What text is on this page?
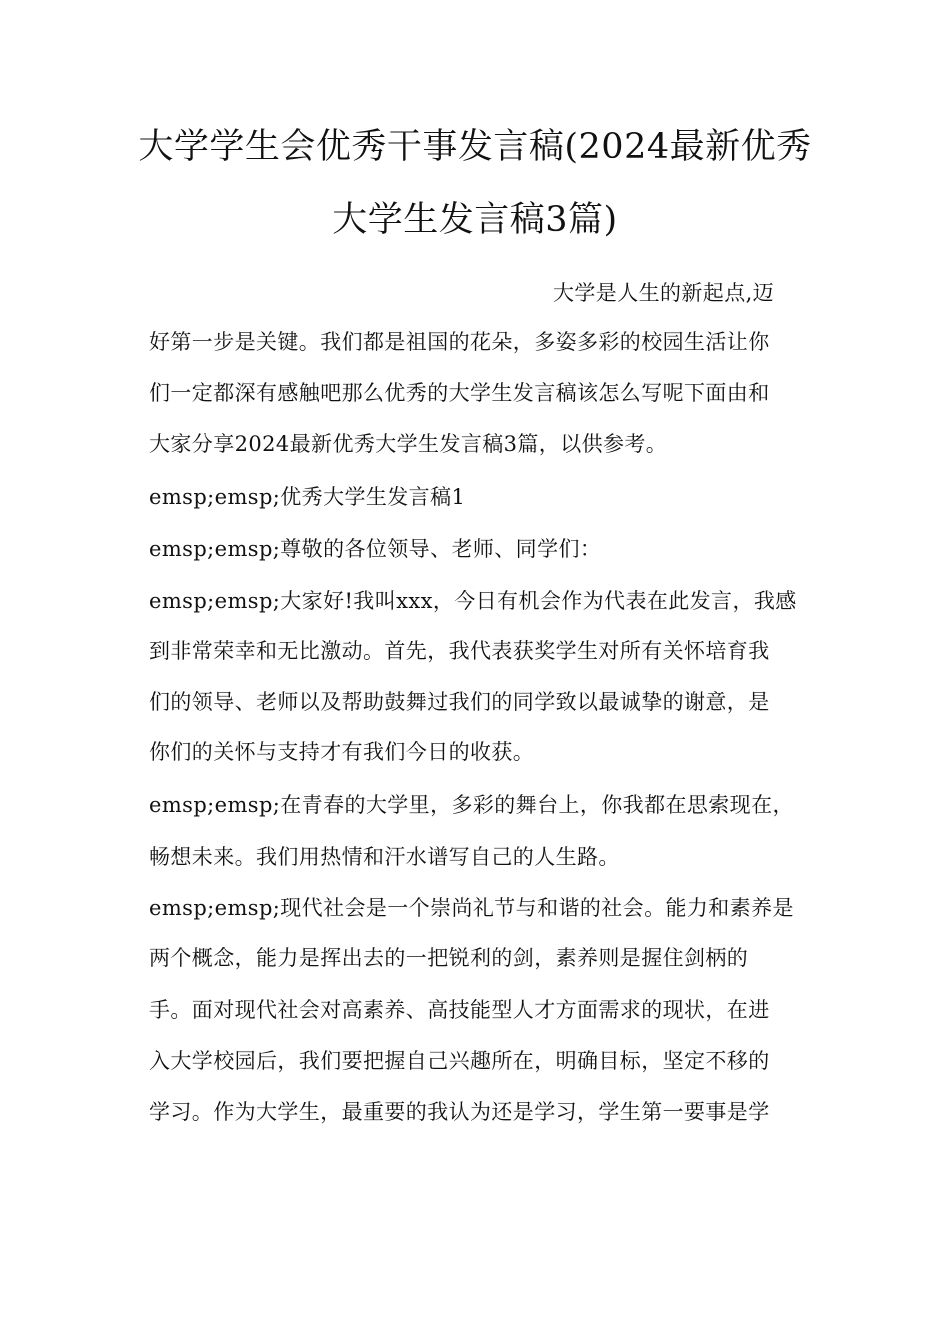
大学学生会优秀干事发言稿(2024最新优秀
大学生发言稿3篇)
大学是人生的新起点,迈
好第一步是关键。我们都是祖国的花朵，多姿多彩的校园生活让你
们一定都深有感触吧那么优秀的大学生发言稿该怎么写呢下面由和
大家分享2024最新优秀大学生发言稿3篇，以供参考。
emsp;emsp;优秀大学生发言稿1
emsp;emsp;尊敬的各位领导、老师、同学们：
emsp;emsp;大家好!我叫xxx，今日有机会作为代表在此发言，我感
到非常荣幸和无比激动。首先，我代表获奖学生对所有关怀培育我
们的领导、老师以及帮助鼓舞过我们的同学致以最诚挚的谢意，是
你们的关怀与支持才有我们今日的收获。
emsp;emsp;在青春的大学里，多彩的舞台上，你我都在思索现在，
畅想未来。我们用热情和汗水谱写自己的人生路。
emsp;emsp;现代社会是一个崇尚礼节与和谐的社会。能力和素养是
两个概念，能力是挥出去的一把锐利的剑，素养则是握住剑柄的
手。面对现代社会对高素养、高技能型人才方面需求的现状，在进
入大学校园后，我们要把握自己兴趣所在，明确目标，坚定不移的
学习。作为大学生，最重要的我认为还是学习，学生第一要事是学
